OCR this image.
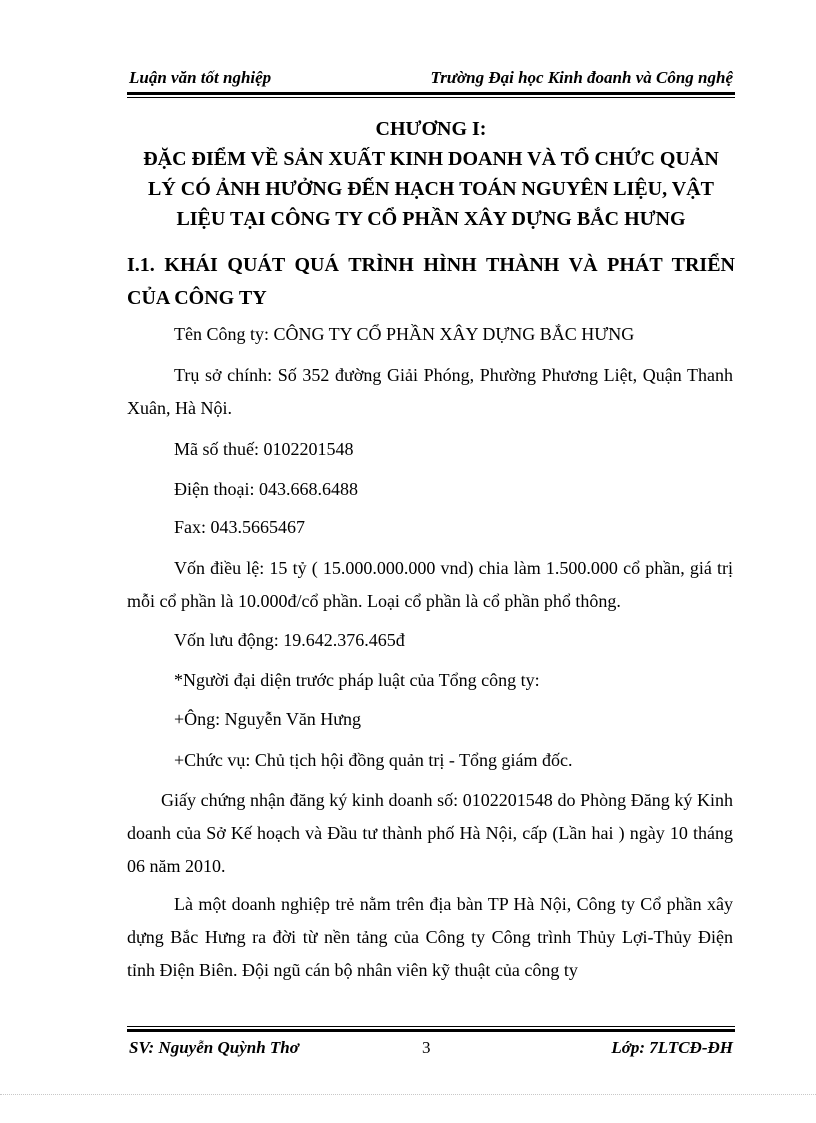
Luận văn tốt nghiệp	Trường Đại học Kinh đoanh và Công nghệ
CHƯƠNG I:
ĐẶC ĐIỂM VỀ SẢN XUẤT KINH DOANH VÀ TỔ CHỨC QUẢN LÝ CÓ ẢNH HƯỞNG ĐẾN HẠCH TOÁN NGUYÊN LIỆU, VẬT LIỆU TẠI CÔNG TY CỔ PHẦN XÂY DỰNG BẮC HƯNG
I.1. KHÁI QUÁT QUÁ TRÌNH HÌNH THÀNH VÀ PHÁT TRIỂN CỦA CÔNG TY
Tên Công ty: CÔNG TY CỔ PHẦN XÂY DỰNG BẮC HƯNG
Trụ sở chính: Số 352 đường Giải Phóng, Phường Phương Liệt, Quận Thanh Xuân, Hà Nội.
Mã số thuế: 0102201548
Điện thoại: 043.668.6488
Fax: 043.5665467
Vốn điều lệ: 15 tỷ ( 15.000.000.000 vnd) chia làm 1.500.000 cổ phần, giá trị mỗi cổ phần là 10.000đ/cổ phần. Loại cổ phần là cổ phần phổ thông.
Vốn lưu động: 19.642.376.465đ
*Người đại diện trước pháp luật của Tổng công ty:
+Ông: Nguyễn Văn Hưng
+Chức vụ: Chủ tịch hội đồng quản trị - Tổng giám đốc.
Giấy chứng nhận đăng ký kinh doanh số: 0102201548 do Phòng Đăng ký Kinh doanh của Sở Kế hoạch và Đầu tư thành phố Hà Nội, cấp (Lần hai ) ngày 10 tháng 06 năm 2010.
Là một doanh nghiệp trẻ nằm trên địa bàn TP Hà Nội, Công ty Cổ phần xây dựng Bắc Hưng ra đời từ nền tảng của Công ty Công trình Thủy Lợi-Thủy Điện tỉnh Điện Biên. Đội ngũ cán bộ nhân viên kỹ thuật của công ty
SV: Nguyễn Quỳnh Thơ	3	Lớp: 7LTCĐ-ĐH
